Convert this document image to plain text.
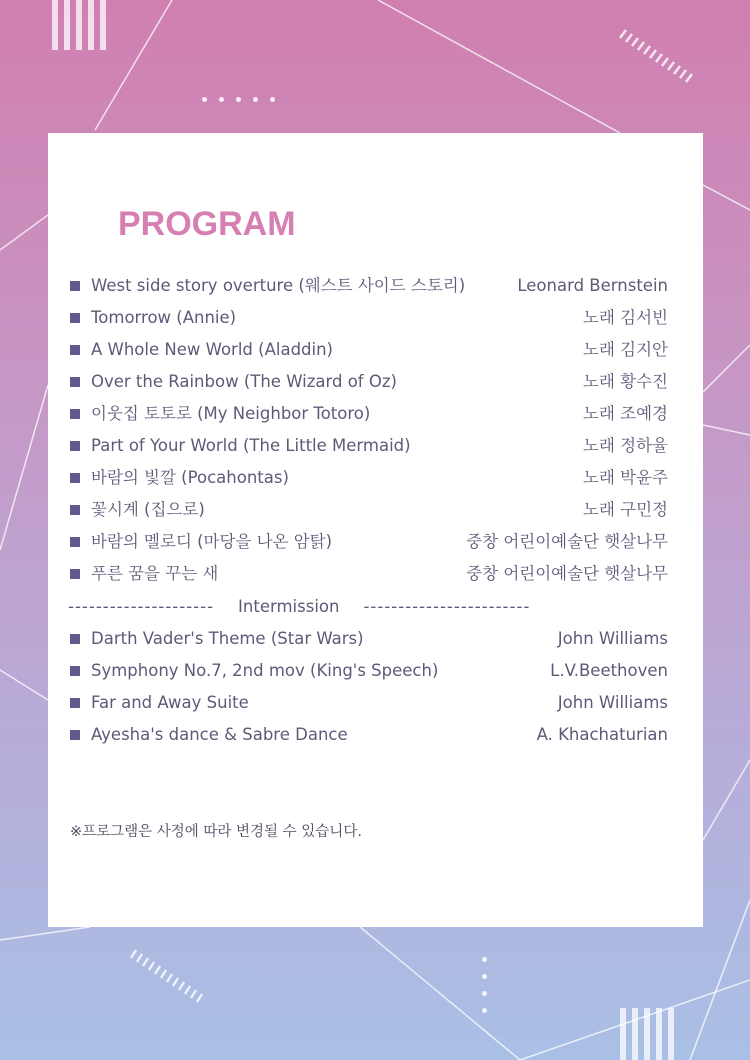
PROGRAM
West side story overture (웨스트 사이드 스토리)	Leonard Bernstein
Tomorrow (Annie)	노래 김서빈
A Whole New World (Aladdin)	노래 김지안
Over the Rainbow (The Wizard of Oz)	노래 황수진
이웃집 토토로 (My Neighbor Totoro)	노래 조예경
Part of Your World (The Little Mermaid)	노래 정하율
바람의 빛깔 (Pocahontas)	노래 박윤주
꽃시계 (집으로)	노래 구민정
바람의 멜로디 (마당을 나온 암탉)	중창 어린이예술단 햇살나무
푸른 꿈을 꾸는 새	중창 어린이예술단 햇살나무
---------------------	Intermission	------------------------
Darth Vader's Theme (Star Wars)	John Williams
Symphony No.7, 2nd mov (King's Speech)	L.V.Beethoven
Far and Away Suite	John Williams
Ayesha's dance & Sabre Dance	A. Khachaturian
※프로그램은 사정에 따라 변경될 수 있습니다.
